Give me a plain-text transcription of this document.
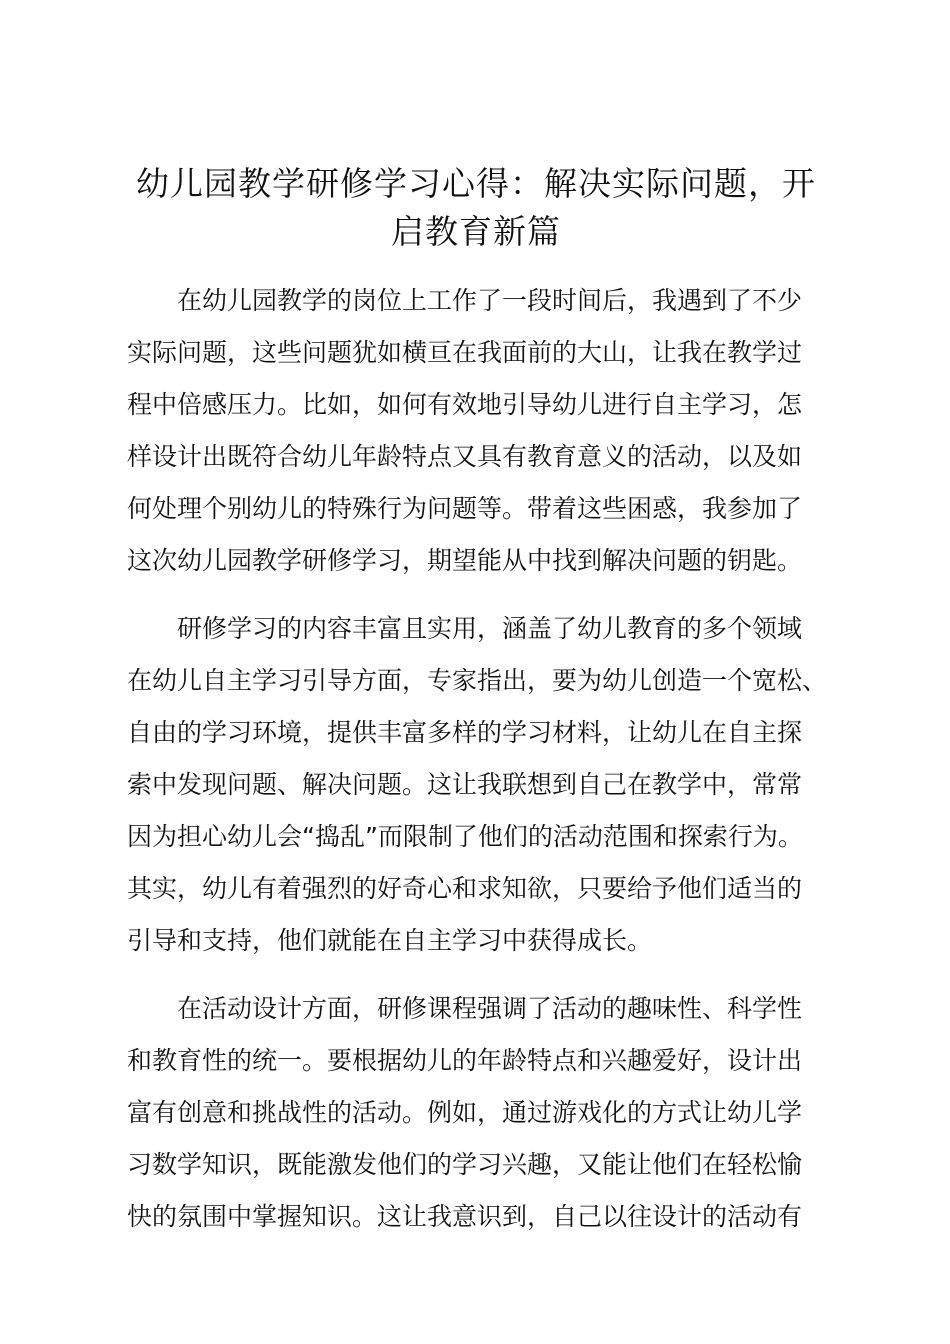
幼儿园教学研修学习心得：解决实际问题，开
启教育新篇

在幼儿园教学的岗位上工作了一段时间后，我遇到了不少
实际问题，这些问题犹如横亘在我面前的大山，让我在教学过
程中倍感压力。比如，如何有效地引导幼儿进行自主学习，怎
样设计出既符合幼儿年龄特点又具有教育意义的活动，以及如
何处理个别幼儿的特殊行为问题等。带着这些困惑，我参加了
这次幼儿园教学研修学习，期望能从中找到解决问题的钥匙。

研修学习的内容丰富且实用，涵盖了幼儿教育的多个领域
在幼儿自主学习引导方面，专家指出，要为幼儿创造一个宽松、
自由的学习环境，提供丰富多样的学习材料，让幼儿在自主探
索中发现问题、解决问题。这让我联想到自己在教学中，常常
因为担心幼儿会“捣乱”而限制了他们的活动范围和探索行为。
其实，幼儿有着强烈的好奇心和求知欲，只要给予他们适当的
引导和支持，他们就能在自主学习中获得成长。

在活动设计方面，研修课程强调了活动的趣味性、科学性
和教育性的统一。要根据幼儿的年龄特点和兴趣爱好，设计出
富有创意和挑战性的活动。例如，通过游戏化的方式让幼儿学
习数学知识，既能激发他们的学习兴趣，又能让他们在轻松愉
快的氛围中掌握知识。这让我意识到，自己以往设计的活动有
